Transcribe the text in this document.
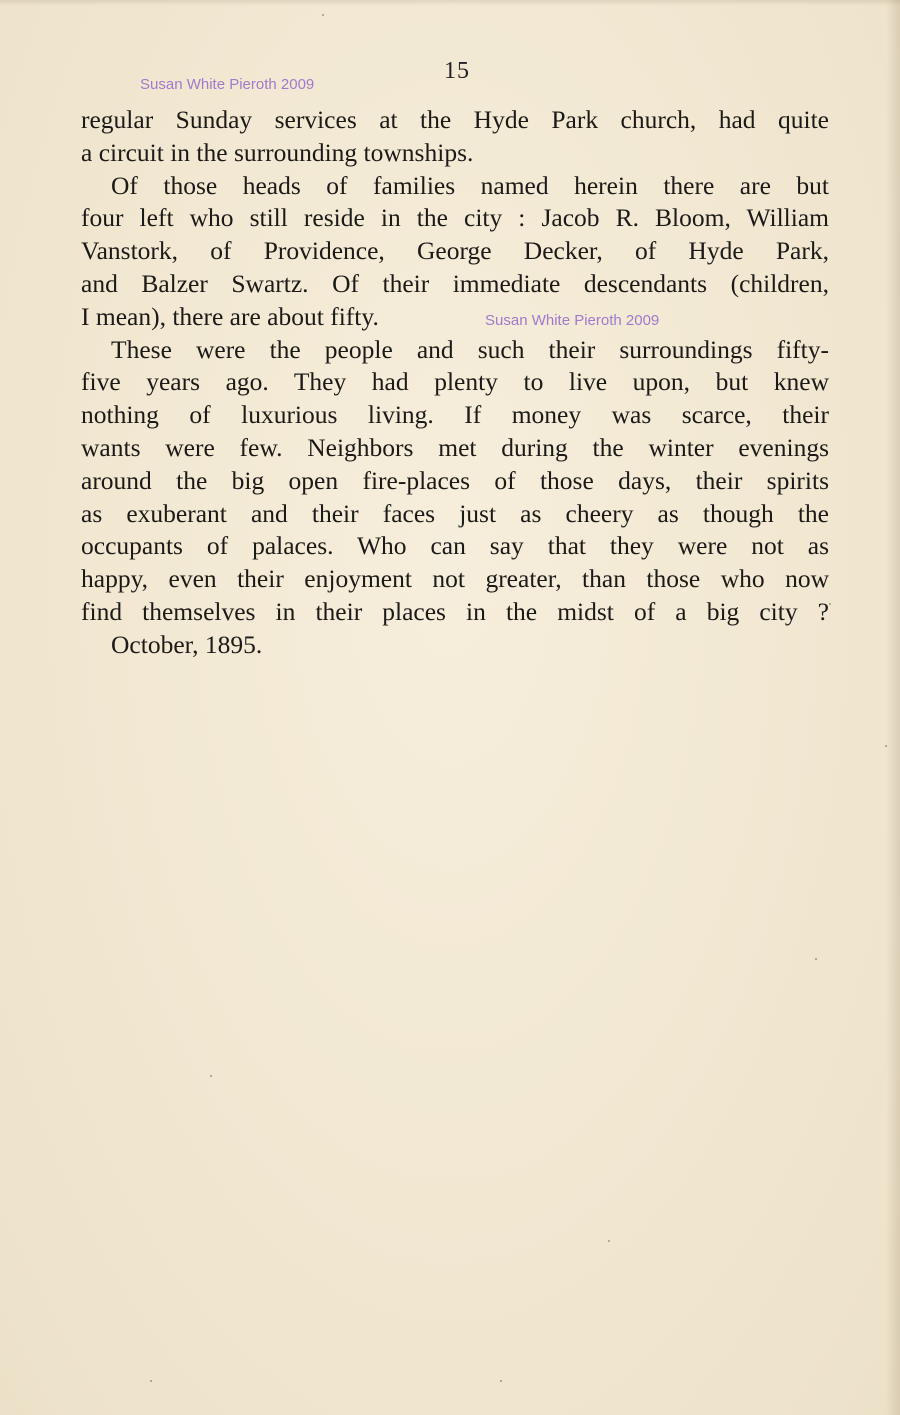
15
Susan White Pieroth 2009
Susan White Pieroth 2009
regular Sunday services at the Hyde Park church, had quite
a circuit in the surrounding townships.
Of those heads of families named herein there are but
four left who still reside in the city : Jacob R. Bloom, William
Vanstork, of Providence, George Decker, of Hyde Park,
and Balzer Swartz. Of their immediate descendants (children,
I mean), there are about fifty.
These were the people and such their surroundings fifty-
five years ago. They had plenty to live upon, but knew
nothing of luxurious living. If money was scarce, their
wants were few. Neighbors met during the winter evenings
around the big open fire-places of those days, their spirits
as exuberant and their faces just as cheery as though the
occupants of palaces. Who can say that they were not as
happy, even their enjoyment not greater, than those who now
find themselves in their places in the midst of a big city ?
October, 1895.
